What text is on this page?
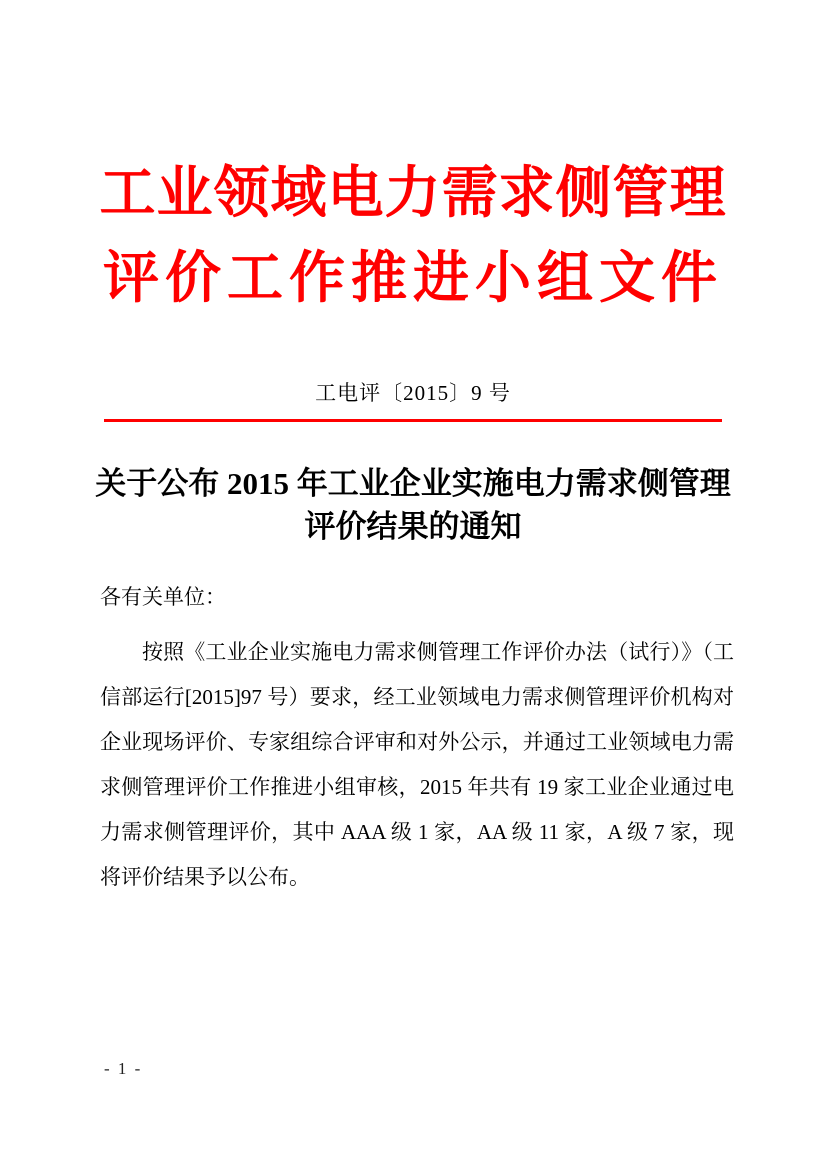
工业领域电力需求侧管理
评价工作推进小组文件
工电评〔2015〕9 号
关于公布 2015 年工业企业实施电力需求侧管理
评价结果的通知
各有关单位：

按照《工业企业实施电力需求侧管理工作评价办法（试行）》（工信部运行[2015]97 号）要求，经工业领域电力需求侧管理评价机构对企业现场评价、专家组综合评审和对外公示，并通过工业领域电力需求侧管理评价工作推进小组审核，2015 年共有 19 家工业企业通过电力需求侧管理评价，其中 AAA 级 1 家，AA 级 11 家，A 级 7 家，现将评价结果予以公布。

- 1 -
